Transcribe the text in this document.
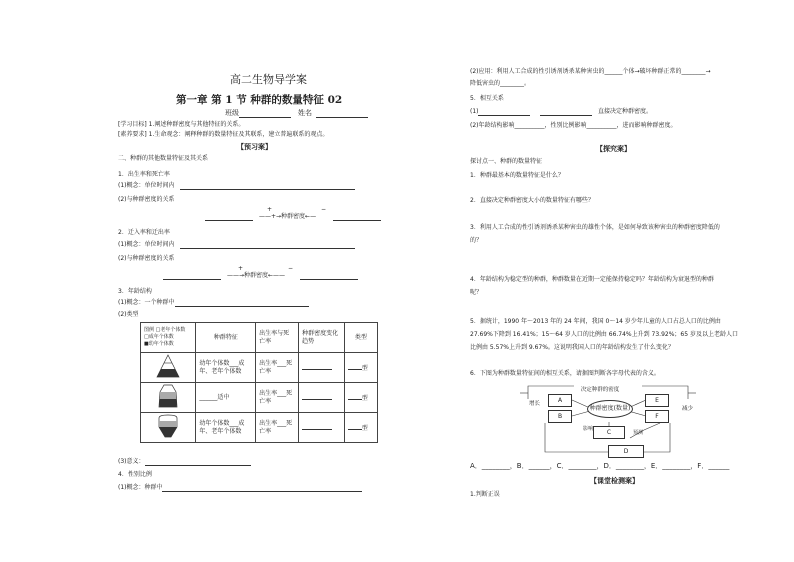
高二生物导学案
第一章 第 1 节 种群的数量特征 02
班级	姓名
[学习目标] 1.阐述种群密度与其他特征的关系。
[素养要求] 1.生命观念：阐释种群的数量特征及其联系，建立普遍联系的观点。
【预习案】
二、种群的其他数量特征及其关系
1．出生率和死亡率
(1)概念：单位时间内
(2)与种群密度的关系
——+→种群密度←—
+	−
2．迁入率和迁出率
(1)概念：单位时间内
(2)与种群密度的关系
——→种群密度←——
+	−
3．年龄结构
(1)概念：一个种群中
(2)类型
图例 □老年个体数
□成年个体数
■幼年个体数	种群特征	出生率与死亡率	种群密度变化趋势	类型
	幼年个体数___成年、老年个体数	出生率___死亡率		型
	______适中	出生率___死亡率		型
	幼年个体数___成年、老年个体数	出生率___死亡率		型
(3)意义：
4．性别比例
(1)概念：种群中
(2)应用：利用人工合成的性引诱剂诱杀某种害虫的______个体→破坏种群正常的________→
降低害虫的________。
5．相互关系
(1)	直接决定种群密度。
(2)年龄结构影响__________，性别比例影响__________，进而影响种群密度。
【探究案】
探讨点一、种群的数量特征
1．种群最基本的数量特征是什么？
2．直接决定种群密度大小的数量特征有哪些？
3．利用人工合成的性引诱剂诱杀某种害虫的雄性个体，是如何导致该种害虫的种群密度降低的
的？
4．年龄结构为稳定型的种群，种群数量在近期一定能保持稳定吗？年龄结构为衰退型的种群
呢？
5．据统计，1990 年～2013 年的 24 年间，我国 0～14 岁少年儿童的人口占总人口的比例由
27.69%下降到 16.41%；15～64 岁人口的比例由 66.74%上升到 73.92%；65 岁及以上老龄人口
比例由 5.57%上升到 9.67%。这说明我国人口的年龄结构发生了什么变化？
6．下图为种群数量特征间的相互关系，请据图判断各字母代表的含义。
决定种群的密度
增长
减少
影响
预测
A
B
种群密度(数量)
C
D
E
F
A．________，B．______，C．________，D．________，E．________，F．______
【课堂检测案】
1.判断正误
